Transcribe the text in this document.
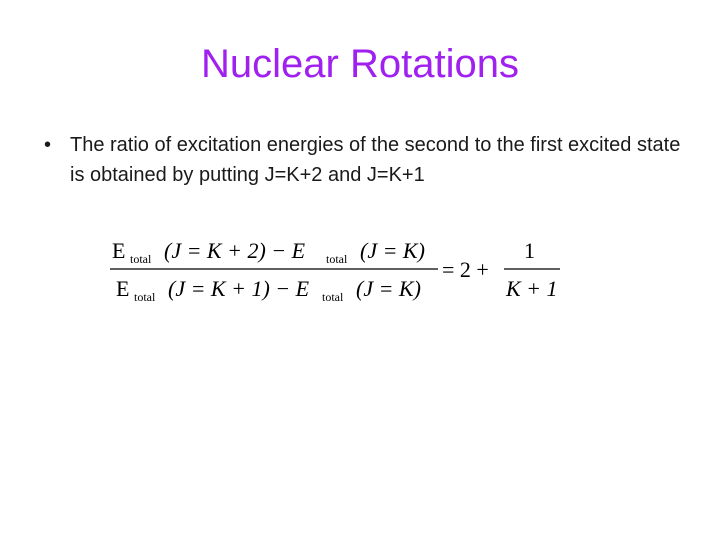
Nuclear Rotations
• The ratio of excitation energies of the second to the first excited state is obtained by putting J=K+2 and J=K+1
E total (J = K + 2) − E total (J = K)
E total (J = K + 1) − E total (J = K)
= 2 +
1
K + 1
